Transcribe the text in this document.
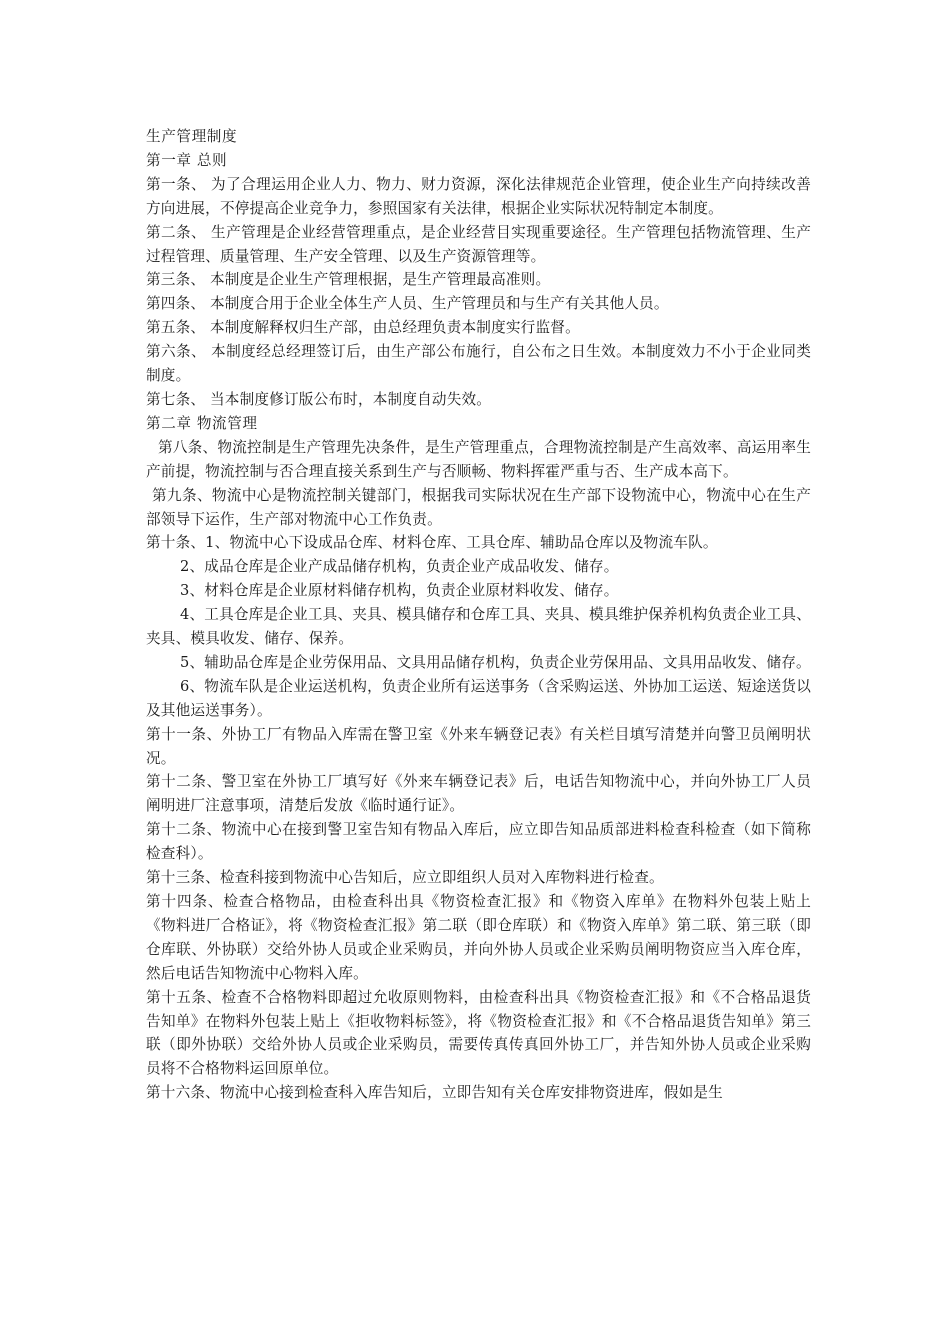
生产管理制度

第一章 总则

第一条、 为了合理运用企业人力、物力、财力资源，深化法律规范企业管理，使企业生产向持续改善方向进展，不停提高企业竞争力，参照国家有关法律，根据企业实际状况特制定本制度。

第二条、 生产管理是企业经营管理重点，是企业经营目实现重要途径。生产管理包括物流管理、生产过程管理、质量管理、生产安全管理、以及生产资源管理等。

第三条、 本制度是企业生产管理根据，是生产管理最高准则。

第四条、 本制度合用于企业全体生产人员、生产管理员和与生产有关其他人员。

第五条、 本制度解释权归生产部，由总经理负责本制度实行监督。

第六条、 本制度经总经理签订后，由生产部公布施行，自公布之日生效。本制度效力不小于企业同类制度。

第七条、 当本制度修订版公布时，本制度自动失效。

第二章 物流管理

第八条、物流控制是生产管理先决条件，是生产管理重点，合理物流控制是产生高效率、高运用率生产前提，物流控制与否合理直接关系到生产与否顺畅、物料挥霍严重与否、生产成本高下。

第九条、物流中心是物流控制关键部门，根据我司实际状况在生产部下设物流中心，物流中心在生产部领导下运作，生产部对物流中心工作负责。

第十条、1、物流中心下设成品仓库、材料仓库、工具仓库、辅助品仓库以及物流车队。

2、成品仓库是企业产成品储存机构，负责企业产成品收发、储存。

3、材料仓库是企业原材料储存机构，负责企业原材料收发、储存。

4、工具仓库是企业工具、夹具、模具储存和仓库工具、夹具、模具维护保养机构负责企业工具、夹具、模具收发、储存、保养。

5、辅助品仓库是企业劳保用品、文具用品储存机构，负责企业劳保用品、文具用品收发、储存。

6、物流车队是企业运送机构，负责企业所有运送事务（含采购运送、外协加工运送、短途送货以及其他运送事务）。

第十一条、外协工厂有物品入库需在警卫室《外来车辆登记表》有关栏目填写清楚并向警卫员阐明状况。

第十二条、警卫室在外协工厂填写好《外来车辆登记表》后，电话告知物流中心，并向外协工厂人员阐明进厂注意事项，清楚后发放《临时通行证》。

第十二条、物流中心在接到警卫室告知有物品入库后，应立即告知品质部进料检查科检查（如下简称检查科）。

第十三条、检查科接到物流中心告知后，应立即组织人员对入库物料进行检查。

第十四条、检查合格物品，由检查科出具《物资检查汇报》和《物资入库单》在物料外包装上贴上《物料进厂合格证》，将《物资检查汇报》第二联（即仓库联）和《物资入库单》第二联、第三联（即仓库联、外协联）交给外协人员或企业采购员，并向外协人员或企业采购员阐明物资应当入库仓库，然后电话告知物流中心物料入库。

第十五条、检查不合格物料即超过允收原则物料，由检查科出具《物资检查汇报》和《不合格品退货告知单》在物料外包装上贴上《拒收物料标签》，将《物资检查汇报》和《不合格品退货告知单》第三联（即外协联）交给外协人员或企业采购员，需要传真传真回外协工厂，并告知外协人员或企业采购员将不合格物料运回原单位。

第十六条、物流中心接到检查科入库告知后，立即告知有关仓库安排物资进库，假如是生
